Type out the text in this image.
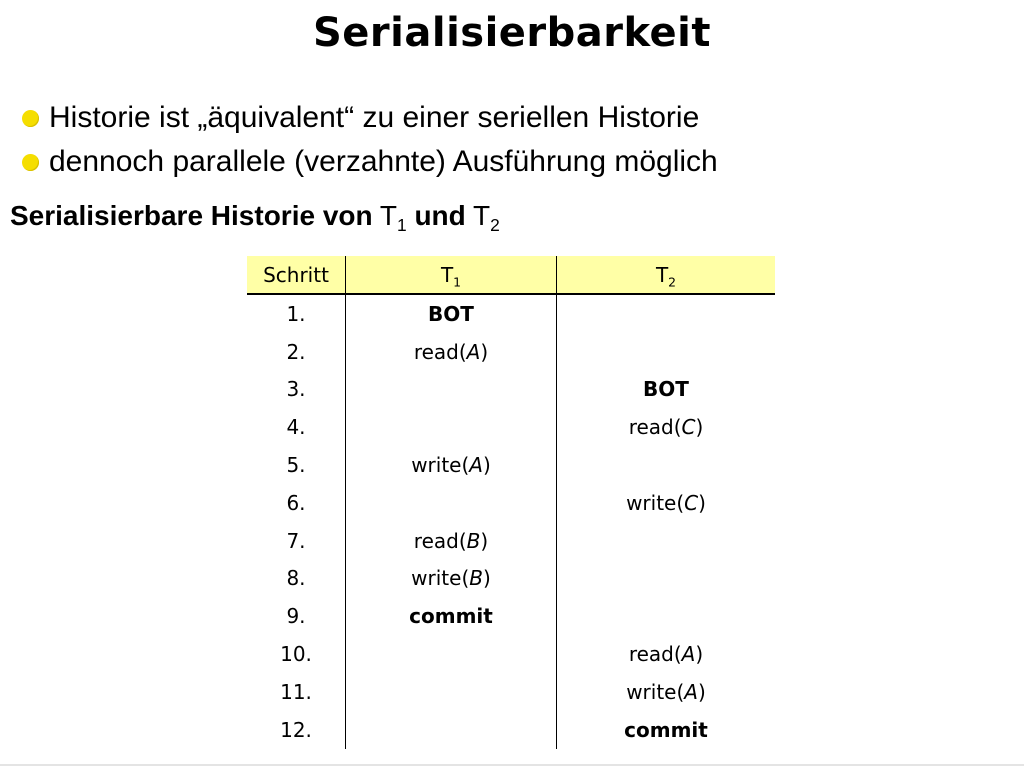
Serialisierbarkeit
Historie ist „äquivalent“ zu einer seriellen Historie
dennoch parallele (verzahnte) Ausführung möglich
Serialisierbare Historie von $T_1$ und $T_2$
Schritt	$T_1$	$T_2$
1.	BOT	
2.	read(A)	
3.		BOT
4.		read(C)
5.	write(A)	
6.		write(C)
7.	read(B)	
8.	write(B)	
9.	commit	
10.		read(A)
11.		write(A)
12.		commit
